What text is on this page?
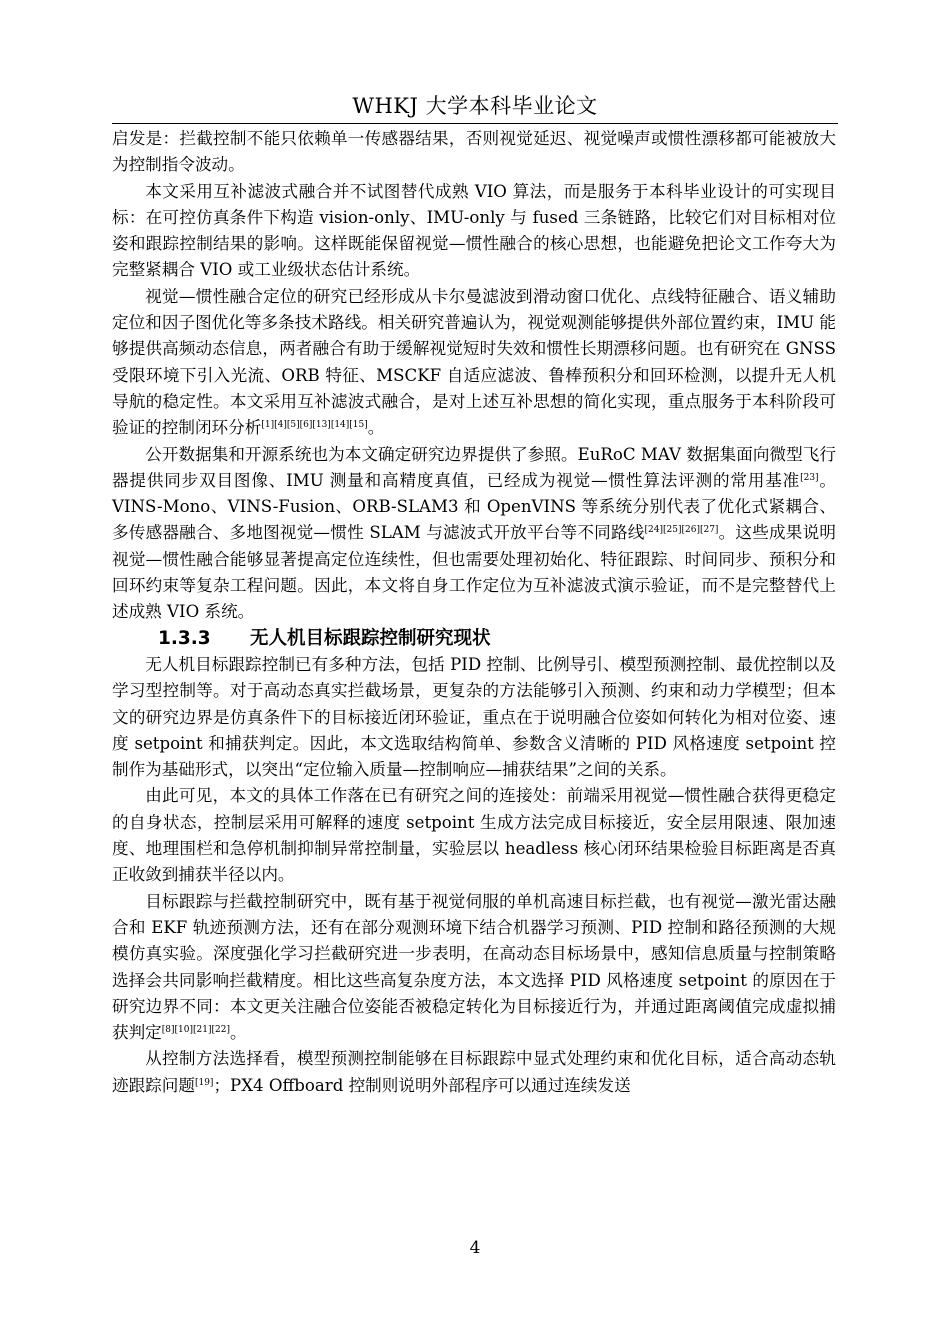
WHKJ 大学本科毕业论文

启发是：拦截控制不能只依赖单一传感器结果，否则视觉延迟、视觉噪声或惯性漂移都可能被放大为控制指令波动。

本文采用互补滤波式融合并不试图替代成熟 VIO 算法，而是服务于本科毕业设计的可实现目标：在可控仿真条件下构造 vision-only、IMU-only 与 fused 三条链路，比较它们对目标相对位姿和跟踪控制结果的影响。这样既能保留视觉—惯性融合的核心思想，也能避免把论文工作夸大为完整紧耦合 VIO 或工业级状态估计系统。

视觉—惯性融合定位的研究已经形成从卡尔曼滤波到滑动窗口优化、点线特征融合、语义辅助定位和因子图优化等多条技术路线。相关研究普遍认为，视觉观测能够提供外部位置约束，IMU 能够提供高频动态信息，两者融合有助于缓解视觉短时失效和惯性长期漂移问题。也有研究在 GNSS 受限环境下引入光流、ORB 特征、MSCKF 自适应滤波、鲁棒预积分和回环检测，以提升无人机导航的稳定性。本文采用互补滤波式融合，是对上述互补思想的简化实现，重点服务于本科阶段可验证的控制闭环分析[1][4][5][6][13][14][15]。

公开数据集和开源系统也为本文确定研究边界提供了参照。EuRoC MAV 数据集面向微型飞行器提供同步双目图像、IMU 测量和高精度真值，已经成为视觉—惯性算法评测的常用基准[23]。VINS-Mono、VINS-Fusion、ORB-SLAM3 和 OpenVINS 等系统分别代表了优化式紧耦合、多传感器融合、多地图视觉—惯性 SLAM 与滤波式开放平台等不同路线[24][25][26][27]。这些成果说明视觉—惯性融合能够显著提高定位连续性，但也需要处理初始化、特征跟踪、时间同步、预积分和回环约束等复杂工程问题。因此，本文将自身工作定位为互补滤波式演示验证，而不是完整替代上述成熟 VIO 系统。

1.3.3 无人机目标跟踪控制研究现状

无人机目标跟踪控制已有多种方法，包括 PID 控制、比例导引、模型预测控制、最优控制以及学习型控制等。对于高动态真实拦截场景，更复杂的方法能够引入预测、约束和动力学模型；但本文的研究边界是仿真条件下的目标接近闭环验证，重点在于说明融合位姿如何转化为相对位姿、速度 setpoint 和捕获判定。因此，本文选取结构简单、参数含义清晰的 PID 风格速度 setpoint 控制作为基础形式，以突出“定位输入质量—控制响应—捕获结果”之间的关系。

由此可见，本文的具体工作落在已有研究之间的连接处：前端采用视觉—惯性融合获得更稳定的自身状态，控制层采用可解释的速度 setpoint 生成方法完成目标接近，安全层用限速、限加速度、地理围栏和急停机制抑制异常控制量，实验层以 headless 核心闭环结果检验目标距离是否真正收敛到捕获半径以内。

目标跟踪与拦截控制研究中，既有基于视觉伺服的单机高速目标拦截，也有视觉—激光雷达融合和 EKF 轨迹预测方法，还有在部分观测环境下结合机器学习预测、PID 控制和路径预测的大规模仿真实验。深度强化学习拦截研究进一步表明，在高动态目标场景中，感知信息质量与控制策略选择会共同影响拦截精度。相比这些高复杂度方法，本文选择 PID 风格速度 setpoint 的原因在于研究边界不同：本文更关注融合位姿能否被稳定转化为目标接近行为，并通过距离阈值完成虚拟捕获判定[8][10][21][22]。

从控制方法选择看，模型预测控制能够在目标跟踪中显式处理约束和优化目标，适合高动态轨迹跟踪问题[19]；PX4 Offboard 控制则说明外部程序可以通过连续发送

4
